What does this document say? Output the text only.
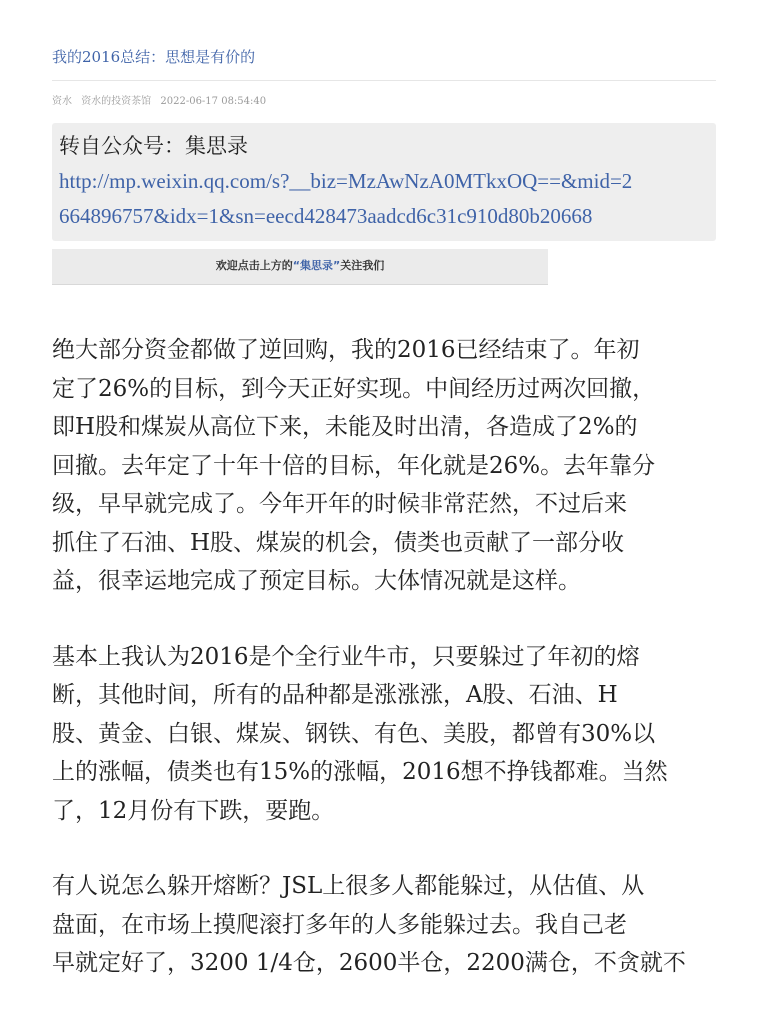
我的2016总结：思想是有价的
资水 资水的投资茶馆 2022-06-17 08:54:40
转自公众号：集思录
http://mp.weixin.qq.com/s?__biz=MzAwNzA0MTkxOQ==&mid=2
664896757&idx=1&sn=eecd428473aadcd6c31c910d80b20668
欢迎点击上方的“集思录”关注我们

绝大部分资金都做了逆回购，我的2016已经结束了。年初
定了26%的目标，到今天正好实现。中间经历过两次回撤，
即H股和煤炭从高位下来，未能及时出清，各造成了2%的
回撤。去年定了十年十倍的目标，年化就是26%。去年靠分
级，早早就完成了。今年开年的时候非常茫然，不过后来
抓住了石油、H股、煤炭的机会，债类也贡献了一部分收
益，很幸运地完成了预定目标。大体情况就是这样。

基本上我认为2016是个全行业牛市，只要躲过了年初的熔
断，其他时间，所有的品种都是涨涨涨，A股、石油、H
股、黄金、白银、煤炭、钢铁、有色、美股，都曾有30%以
上的涨幅，债类也有15%的涨幅，2016想不挣钱都难。当然
了，12月份有下跌，要跑。

有人说怎么躲开熔断？JSL上很多人都能躲过，从估值、从
盘面，在市场上摸爬滚打多年的人多能躲过去。我自己老
早就定好了，3200 1/4仓，2600半仓，2200满仓，不贪就不
